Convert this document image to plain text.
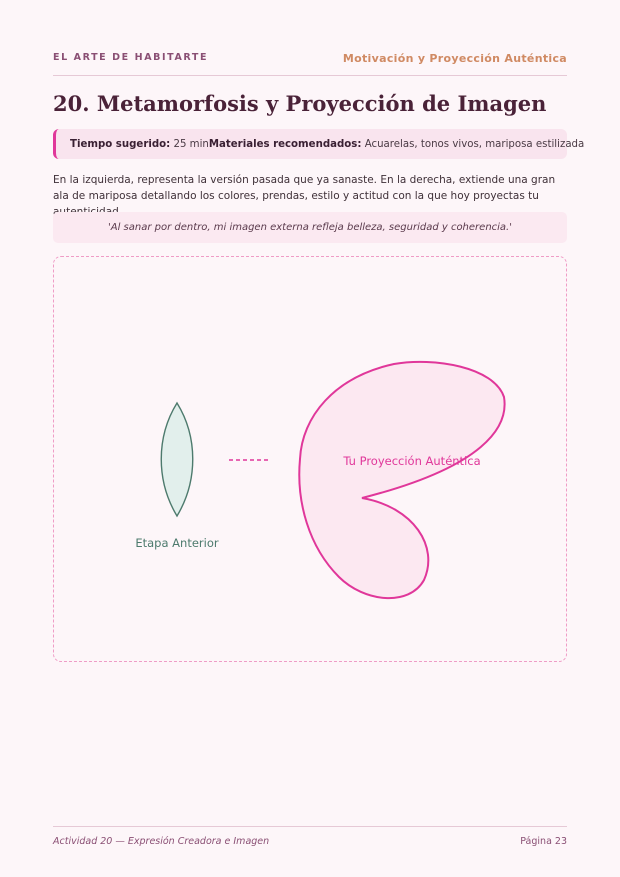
EL ARTE DE HABITARTE	Motivación y Proyección Auténtica
20. Metamorfosis y Proyección de Imagen
Tiempo sugerido:
25 min Materiales recomendados:
Acuarelas, tonos vivos, mariposa estilizada

En la izquierda, representa la versión pasada que ya sanaste. En la derecha, extiende una gran ala de mariposa detallando los colores, prendas, estilo y actitud con la que hoy proyectas tu

'Al sanar por dentro, mi imagen externa refleja belleza, seguridad y coherencia.'
Etapa Anterior
Tu Proyección Auténtica
Actividad 20 — Expresión Creadora e Imagen	Página 23
